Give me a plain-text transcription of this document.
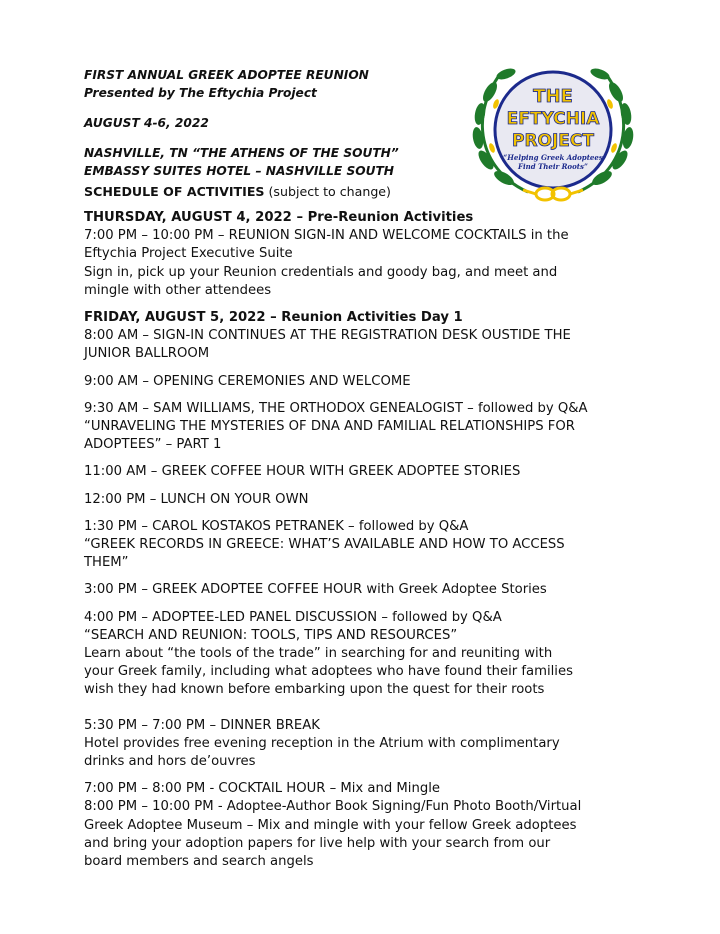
FIRST ANNUAL GREEK ADOPTEE REUNION

Presented by The Eftychia Project

AUGUST 4-6, 2022

NASHVILLE, TN “THE ATHENS OF THE SOUTH”

EMBASSY SUITES HOTEL – NASHVILLE SOUTH

SCHEDULE OF ACTIVITIES (subject to change)
THE
EFTYCHIA
PROJECT
“Helping Greek Adoptees
Find Their Roots”
THURSDAY, AUGUST 4, 2022 – Pre-Reunion Activities
7:00 PM – 10:00 PM – REUNION SIGN-IN AND WELCOME COCKTAILS in the
Eftychia Project Executive Suite
Sign in, pick up your Reunion credentials and goody bag, and meet and
mingle with other attendees
FRIDAY, AUGUST 5, 2022 – Reunion Activities Day 1
8:00 AM – SIGN-IN CONTINUES AT THE REGISTRATION DESK OUSTIDE THE
JUNIOR BALLROOM
9:00 AM – OPENING CEREMONIES AND WELCOME
9:30 AM – SAM WILLIAMS, THE ORTHODOX GENEALOGIST – followed by Q&A
“UNRAVELING THE MYSTERIES OF DNA AND FAMILIAL RELATIONSHIPS FOR
ADOPTEES” – PART 1
11:00 AM – GREEK COFFEE HOUR WITH GREEK ADOPTEE STORIES
12:00 PM – LUNCH ON YOUR OWN
1:30 PM – CAROL KOSTAKOS PETRANEK – followed by Q&A
“GREEK RECORDS IN GREECE: WHAT’S AVAILABLE AND HOW TO ACCESS
THEM”
3:00 PM – GREEK ADOPTEE COFFEE HOUR with Greek Adoptee Stories
4:00 PM – ADOPTEE-LED PANEL DISCUSSION – followed by Q&A
“SEARCH AND REUNION: TOOLS, TIPS AND RESOURCES”
Learn about “the tools of the trade” in searching for and reuniting with
your Greek family, including what adoptees who have found their families
wish they had known before embarking upon the quest for their roots
5:30 PM – 7:00 PM – DINNER BREAK
Hotel provides free evening reception in the Atrium with complimentary
drinks and hors de’ouvres
7:00 PM – 8:00 PM - COCKTAIL HOUR – Mix and Mingle
8:00 PM – 10:00 PM - Adoptee-Author Book Signing/Fun Photo Booth/Virtual
Greek Adoptee Museum – Mix and mingle with your fellow Greek adoptees
and bring your adoption papers for live help with your search from our
board members and search angels
